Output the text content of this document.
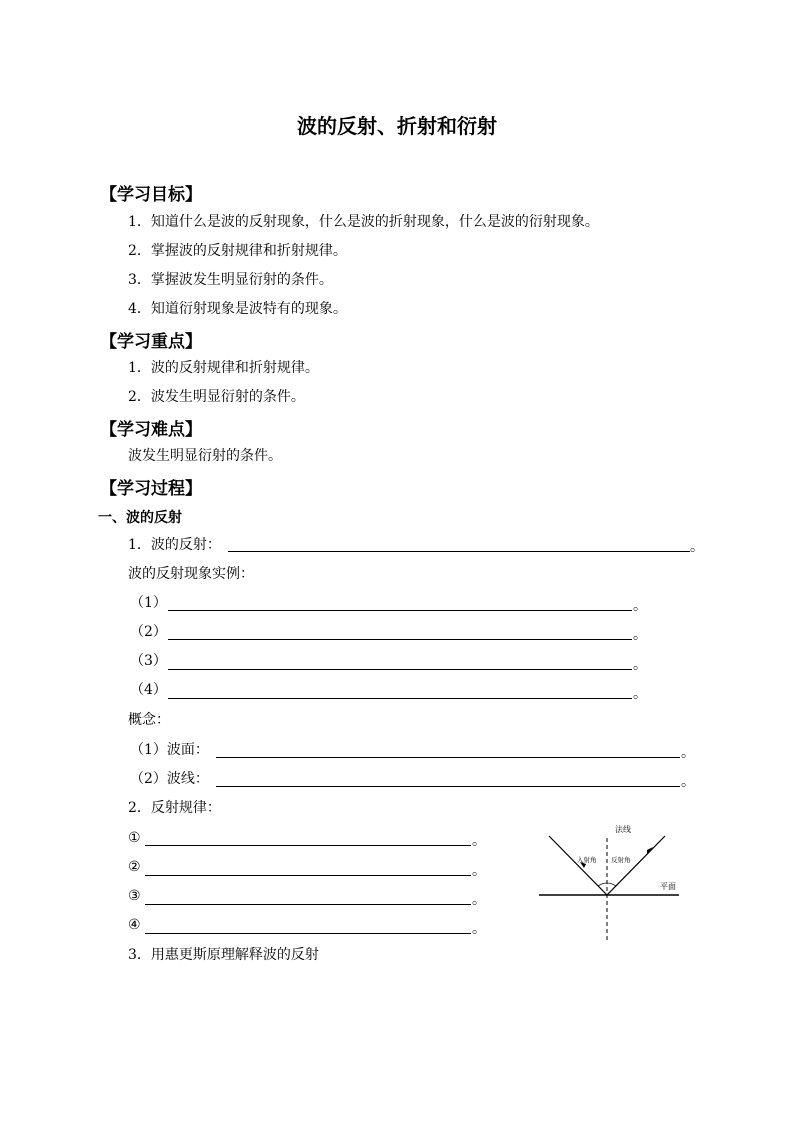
波的反射、折射和衍射
【学习目标】
1．知道什么是波的反射现象，什么是波的折射现象，什么是波的衍射现象。
2．掌握波的反射规律和折射规律。
3．掌握波发生明显衍射的条件。
4．知道衍射现象是波特有的现象。
【学习重点】
1．波的反射规律和折射规律。
2．波发生明显衍射的条件。
【学习难点】
波发生明显衍射的条件。
【学习过程】
一、波的反射
1．波的反射：	。
波的反射现象实例：
（1）	。
（2）	。
（3）	。
（4）	。
概念：
（1）波面：	。
（2）波线：	。
2．反射规律：
①	。
②	。
③	。
④	。
3．用惠更斯原理解释波的反射
法线
入射角 反射角
平面
